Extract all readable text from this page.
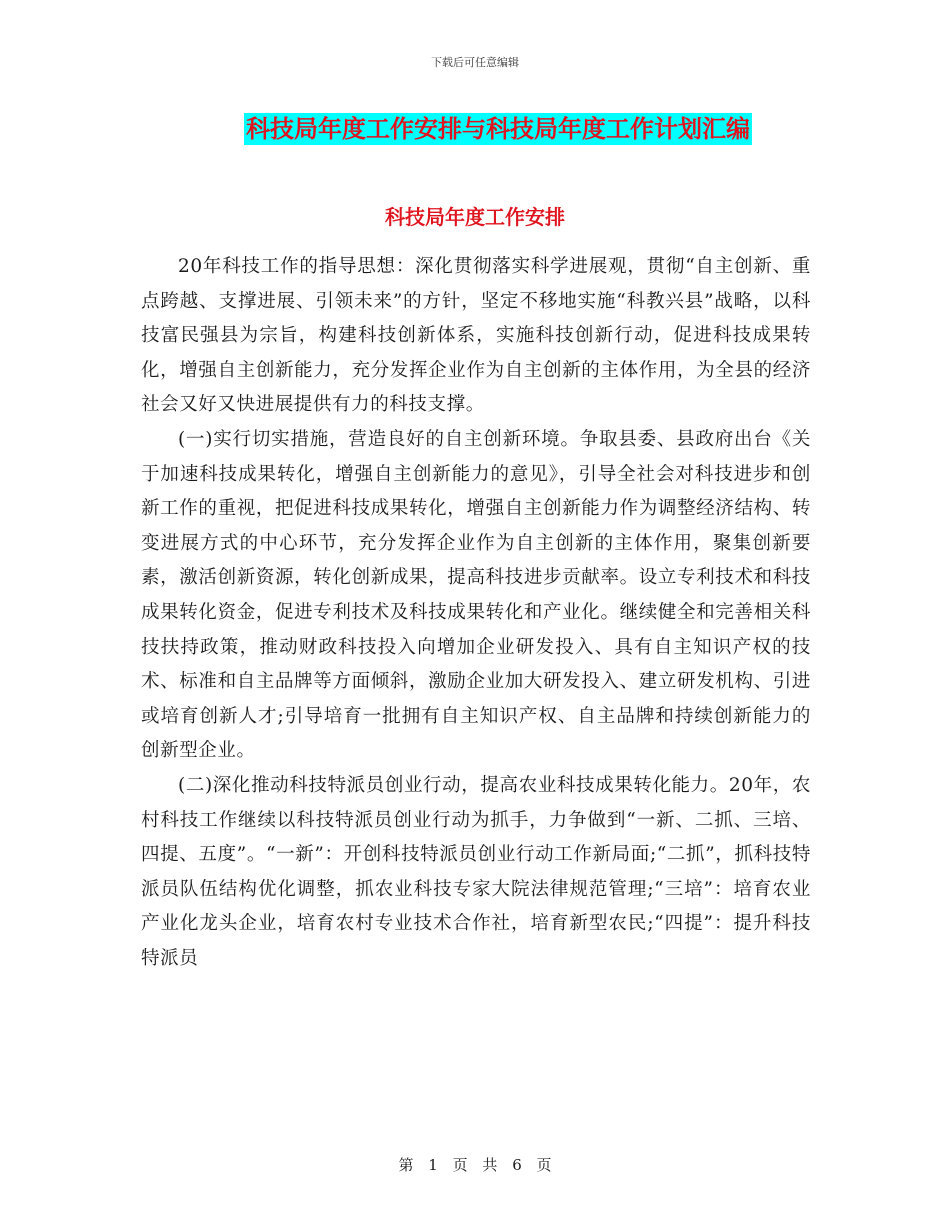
下载后可任意编辑
科技局年度工作安排与科技局年度工作计划汇编
科技局年度工作安排

20年科技工作的指导思想：深化贯彻落实科学进展观，贯彻“自主创新、重点跨越、支撑进展、引领未来”的方针，坚定不移地实施“科教兴县”战略，以科技富民强县为宗旨，构建科技创新体系，实施科技创新行动，促进科技成果转化，增强自主创新能力，充分发挥企业作为自主创新的主体作用，为全县的经济社会又好又快进展提供有力的科技支撑。

(一)实行切实措施，营造良好的自主创新环境。争取县委、县政府出台《关于加速科技成果转化，增强自主创新能力的意见》，引导全社会对科技进步和创新工作的重视，把促进科技成果转化，增强自主创新能力作为调整经济结构、转变进展方式的中心环节，充分发挥企业作为自主创新的主体作用，聚集创新要素，激活创新资源，转化创新成果，提高科技进步贡献率。设立专利技术和科技成果转化资金，促进专利技术及科技成果转化和产业化。继续健全和完善相关科技扶持政策，推动财政科技投入向增加企业研发投入、具有自主知识产权的技术、标准和自主品牌等方面倾斜，激励企业加大研发投入、建立研发机构、引进或培育创新人才;引导培育一批拥有自主知识产权、自主品牌和持续创新能力的创新型企业。

(二)深化推动科技特派员创业行动，提高农业科技成果转化能力。20年，农村科技工作继续以科技特派员创业行动为抓手，力争做到“一新、二抓、三培、四提、五度”。“一新”：开创科技特派员创业行动工作新局面;“二抓”，抓科技特派员队伍结构优化调整，抓农业科技专家大院法律规范管理;“三培”：培育农业产业化龙头企业，培育农村专业技术合作社，培育新型农民;“四提”：提升科技特派员

第 1 页 共 6 页
